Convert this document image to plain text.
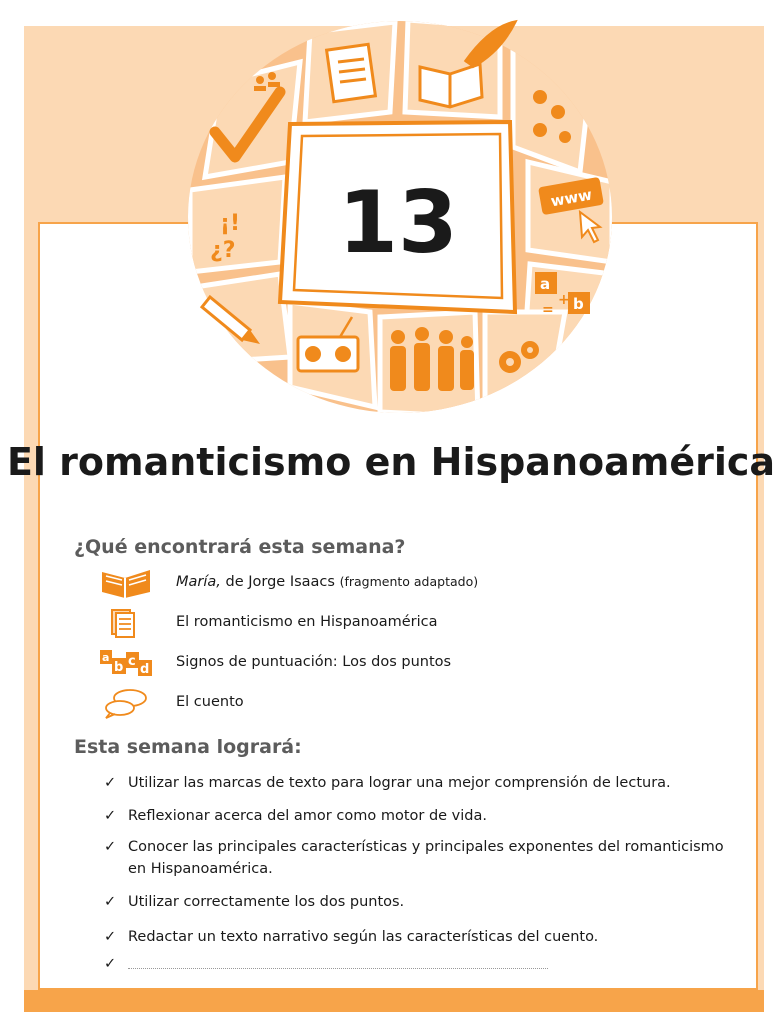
13	www
a
b
+
=
¡!
¿?
El romanticismo en Hispanoamérica
¿Qué encontrará esta semana?
María, de Jorge Isaacs (fragmento adaptado)
El romanticismo en Hispanoamérica
a
b c
d Signos de puntuación: Los dos puntos
El cuento
Esta semana logrará:
✓ Utilizar las marcas de texto para lograr una mejor comprensión de lectura.
✓ Reflexionar acerca del amor como motor de vida.
✓ Conocer las principales características y principales exponentes del romanticismo en Hispanoamérica.
✓ Utilizar correctamente los dos puntos.
✓ Redactar un texto narrativo según las características del cuento.
✓
